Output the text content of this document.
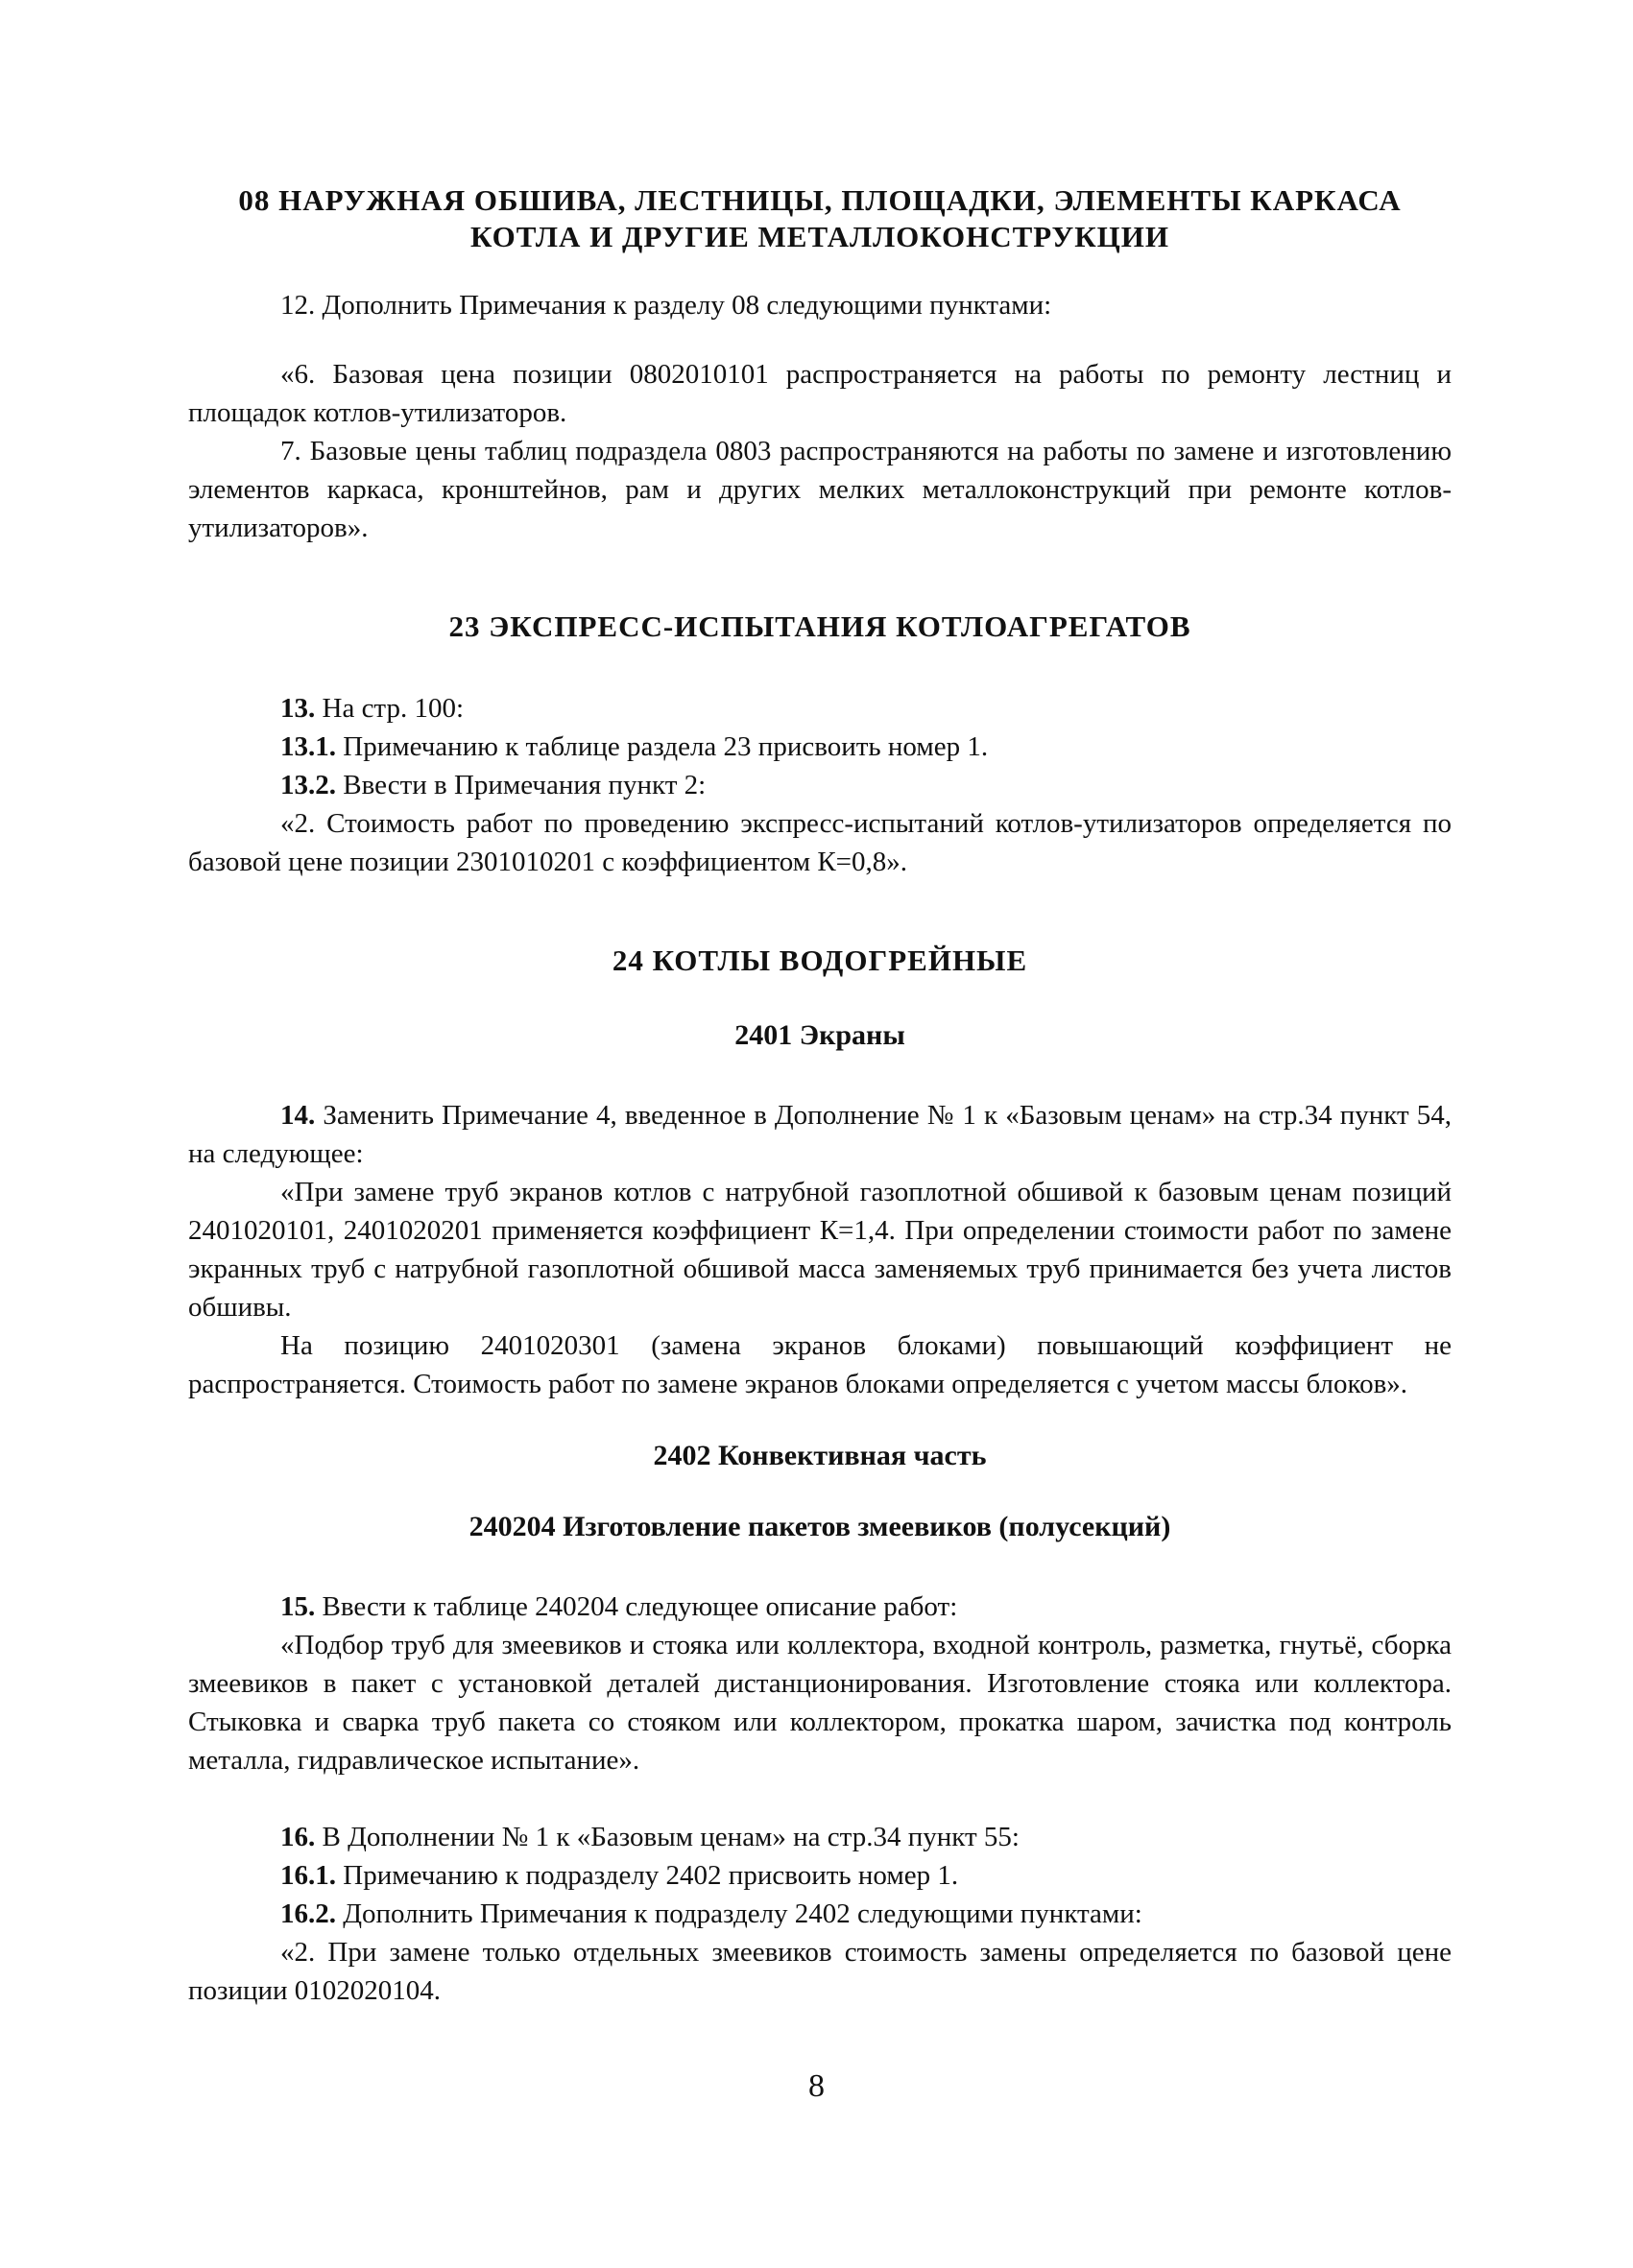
08 НАРУЖНАЯ ОБШИВА, ЛЕСТНИЦЫ, ПЛОЩАДКИ, ЭЛЕМЕНТЫ КАРКАСА
КОТЛА И ДРУГИЕ МЕТАЛЛОКОНСТРУКЦИИ

12. Дополнить Примечания к разделу 08 следующими пунктами:

«6. Базовая цена позиции 0802010101 распространяется на работы по ремонту лестниц и площадок котлов-утилизаторов.

7. Базовые цены таблиц подраздела 0803 распространяются на работы по замене и изготовлению элементов каркаса, кронштейнов, рам и других мелких металлоконструкций при ремонте котлов-утилизаторов».

23 ЭКСПРЕСС-ИСПЫТАНИЯ КОТЛОАГРЕГАТОВ

13. На стр. 100:

13.1. Примечанию к таблице раздела 23 присвоить номер 1.

13.2. Ввести в Примечания пункт 2:

«2. Стоимость работ по проведению экспресс-испытаний котлов-утилизаторов определяется по базовой цене позиции 2301010201 с коэффициентом К=0,8».

24 КОТЛЫ ВОДОГРЕЙНЫЕ
2401 Экраны

14. Заменить Примечание 4, введенное в Дополнение № 1 к «Базовым ценам» на стр.34 пункт 54, на следующее:

«При замене труб экранов котлов с натрубной газоплотной обшивой к базовым ценам позиций 2401020101, 2401020201 применяется коэффициент К=1,4. При определении стоимости работ по замене экранных труб с натрубной газоплотной обшивой масса заменяемых труб принимается без учета листов обшивы.

На позицию 2401020301 (замена экранов блоками) повышающий коэффициент не распространяется. Стоимость работ по замене экранов блоками определяется с учетом массы блоков».

2402 Конвективная часть
240204 Изготовление пакетов змеевиков (полусекций)

15. Ввести к таблице 240204 следующее описание работ:

«Подбор труб для змеевиков и стояка или коллектора, входной контроль, разметка, гнутьё, сборка змеевиков в пакет с установкой деталей дистанционирования. Изготовление стояка или коллектора. Стыковка и сварка труб пакета со стояком или коллектором, прокатка шаром, зачистка под контроль металла, гидравлическое испытание».

16. В Дополнении № 1 к «Базовым ценам» на стр.34 пункт 55:

16.1. Примечанию к подразделу 2402 присвоить номер 1.

16.2. Дополнить Примечания к подразделу 2402 следующими пунктами:

«2. При замене только отдельных змеевиков стоимость замены определяется по базовой цене позиции 0102020104.

8
